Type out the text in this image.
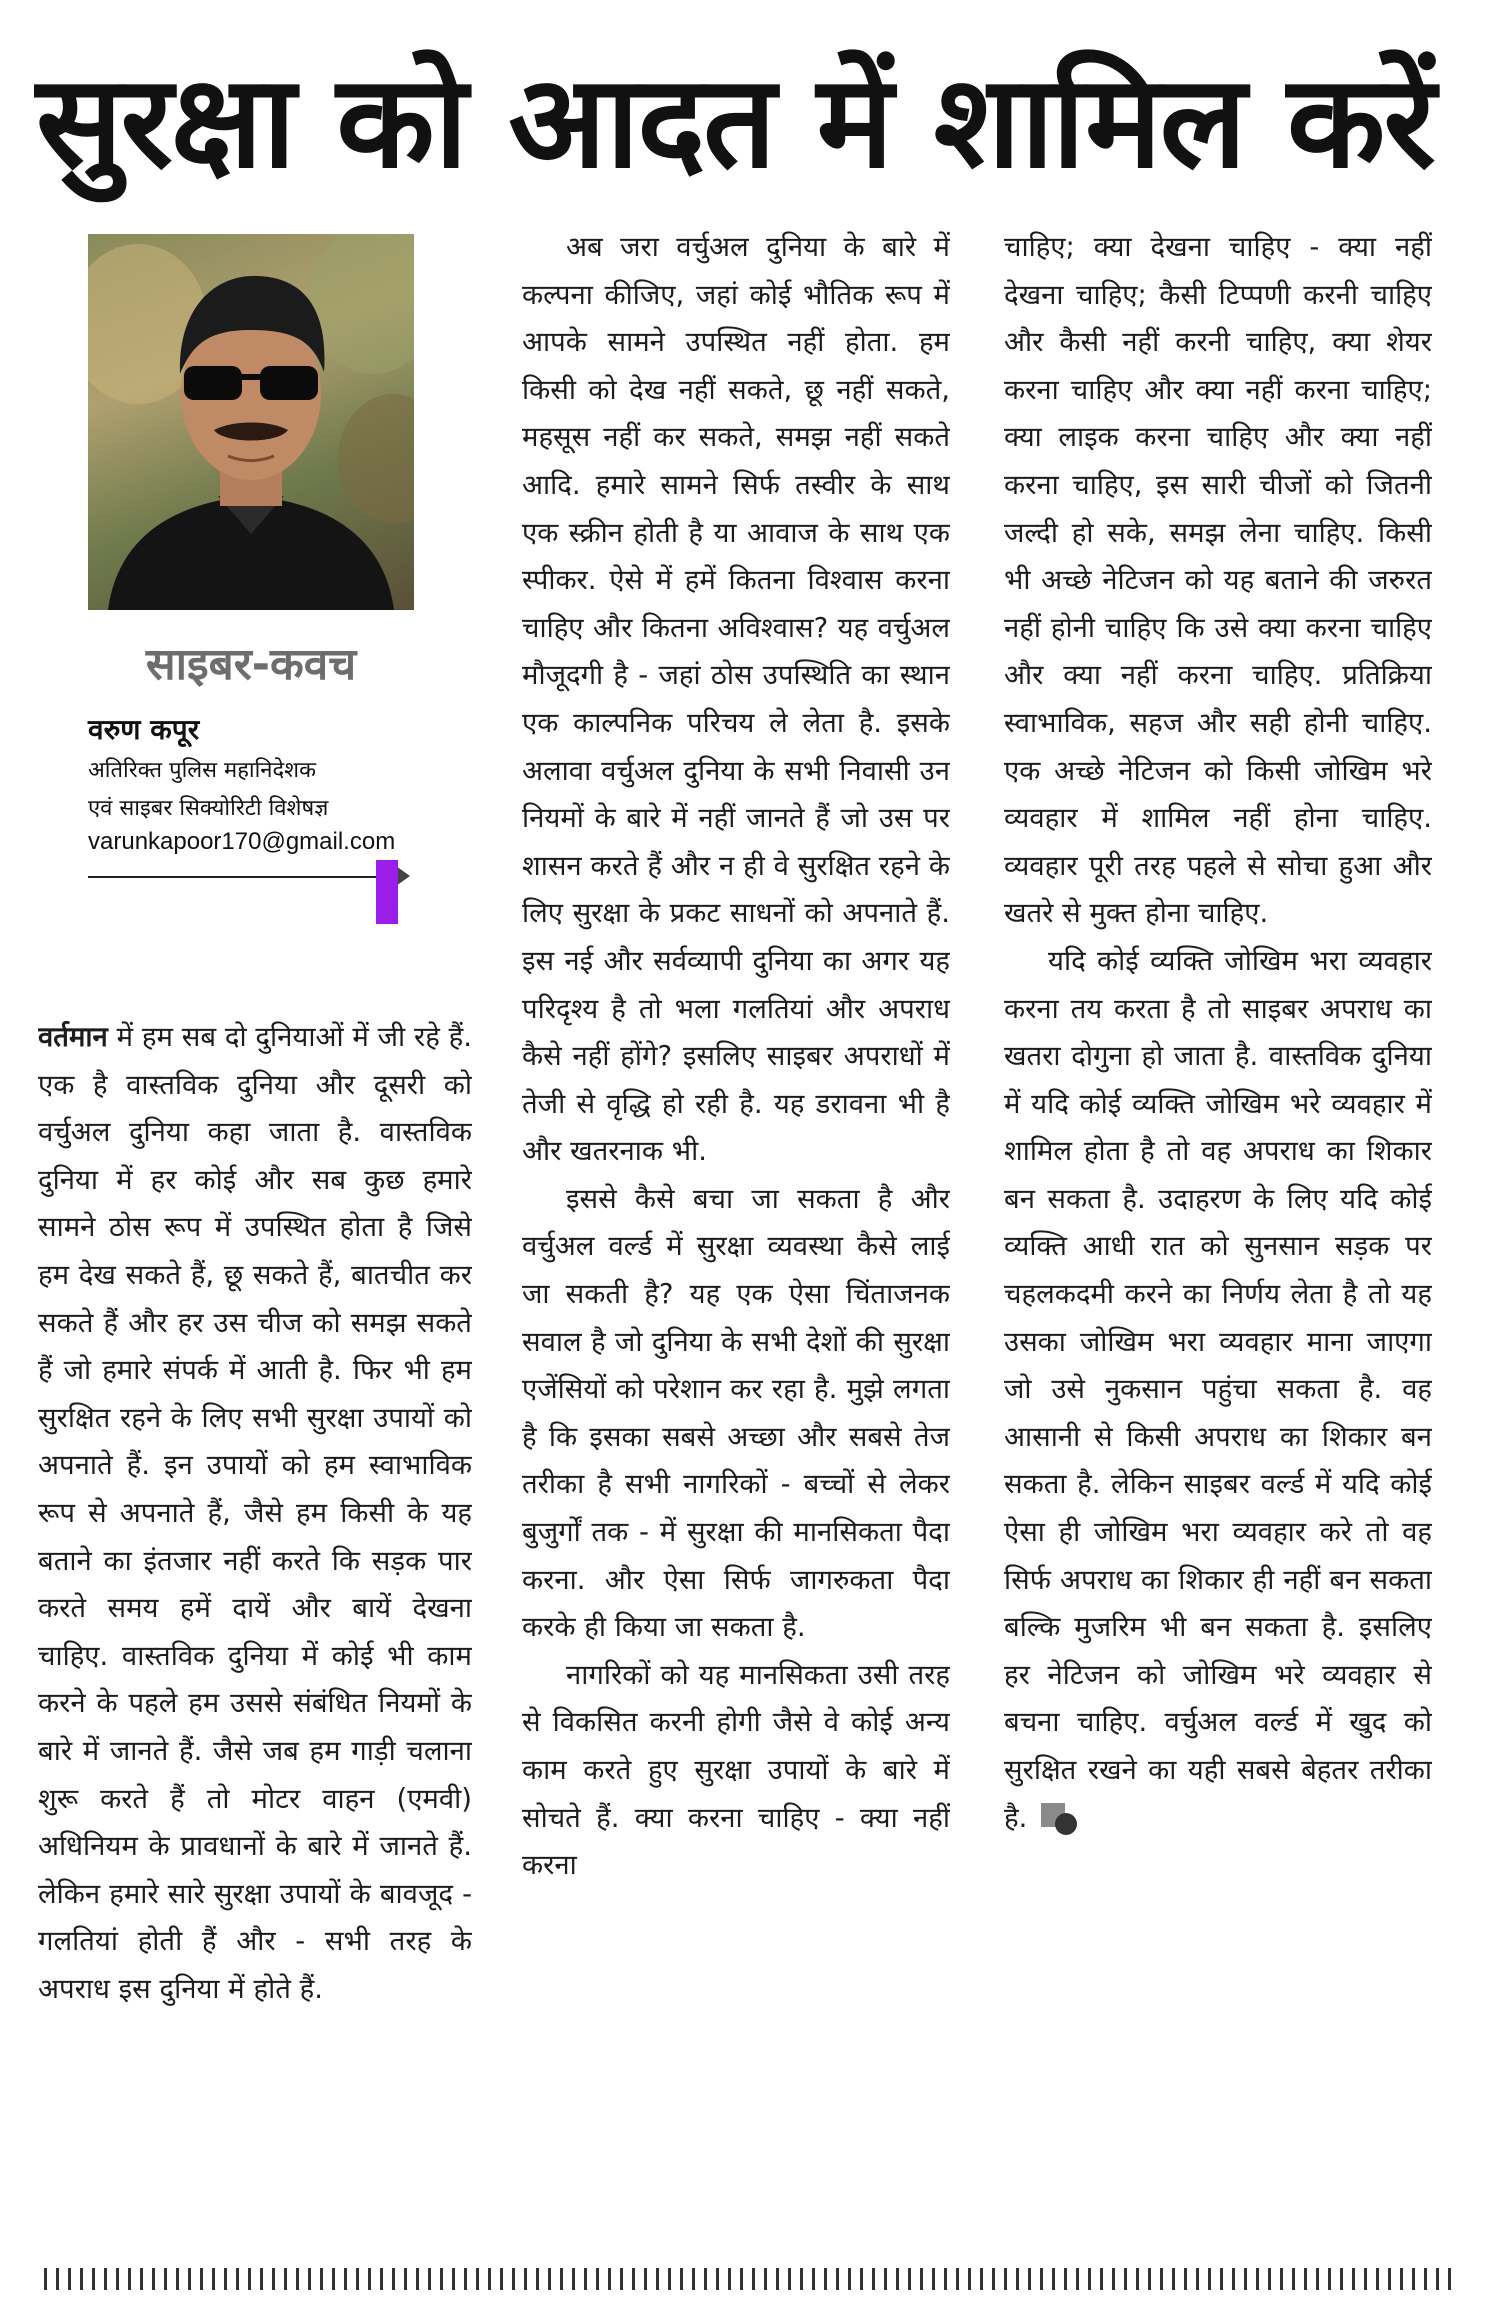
सुरक्षा को आदत में शामिल करें
साइबर-कवच
वरुण कपूर
अतिरिक्त पुलिस महानिदेशक
एवं साइबर सिक्योरिटी विशेषज्ञ
varunkapoor170@gmail.com

वर्तमान में हम सब दो दुनियाओं में जी रहे हैं. एक है वास्तविक दुनिया और दूसरी को वर्चुअल दुनिया कहा जाता है. वास्तविक दुनिया में हर कोई और सब कुछ हमारे सामने ठोस रूप में उपस्थित होता है जिसे हम देख सकते हैं, छू सकते हैं, बातचीत कर सकते हैं और हर उस चीज को समझ सकते हैं जो हमारे संपर्क में आती है. फिर भी हम सुरक्षित रहने के लिए सभी सुरक्षा उपायों को अपनाते हैं. इन उपायों को हम स्वाभाविक रूप से अपनाते हैं, जैसे हम किसी के यह बताने का इंतजार नहीं करते कि सड़क पार करते समय हमें दायें और बायें देखना चाहिए. वास्तविक दुनिया में कोई भी काम करने के पहले हम उससे संबंधित नियमों के बारे में जानते हैं. जैसे जब हम गाड़ी चलाना शुरू करते हैं तो मोटर वाहन (एमवी) अधिनियम के प्रावधानों के बारे में जानते हैं. लेकिन हमारे सारे सुरक्षा उपायों के बावजूद - गलतियां होती हैं और - सभी तरह के अपराध इस दुनिया में होते हैं.

अब जरा वर्चुअल दुनिया के बारे में कल्पना कीजिए, जहां कोई भौतिक रूप में आपके सामने उपस्थित नहीं होता. हम किसी को देख नहीं सकते, छू नहीं सकते, महसूस नहीं कर सकते, समझ नहीं सकते आदि. हमारे सामने सिर्फ तस्वीर के साथ एक स्क्रीन होती है या आवाज के साथ एक स्पीकर. ऐसे में हमें कितना विश्वास करना चाहिए और कितना अविश्वास? यह वर्चुअल मौजूदगी है - जहां ठोस उपस्थिति का स्थान एक काल्पनिक परिचय ले लेता है. इसके अलावा वर्चुअल दुनिया के सभी निवासी उन नियमों के बारे में नहीं जानते हैं जो उस पर शासन करते हैं और न ही वे सुरक्षित रहने के लिए सुरक्षा के प्रकट साधनों को अपनाते हैं. इस नई और सर्वव्यापी दुनिया का अगर यह परिदृश्य है तो भला गलतियां और अपराध कैसे नहीं होंगे? इसलिए साइबर अपराधों में तेजी से वृद्धि हो रही है. यह डरावना भी है और खतरनाक भी.

इससे कैसे बचा जा सकता है और वर्चुअल वर्ल्ड में सुरक्षा व्यवस्था कैसे लाई जा सकती है? यह एक ऐसा चिंताजनक सवाल है जो दुनिया के सभी देशों की सुरक्षा एजेंसियों को परेशान कर रहा है. मुझे लगता है कि इसका सबसे अच्छा और सबसे तेज तरीका है सभी नागरिकों - बच्चों से लेकर बुजुर्गों तक - में सुरक्षा की मानसिकता पैदा करना. और ऐसा सिर्फ जागरुकता पैदा करके ही किया जा सकता है.

नागरिकों को यह मानसिकता उसी तरह से विकसित करनी होगी जैसे वे कोई अन्य काम करते हुए सुरक्षा उपायों के बारे में सोचते हैं. क्या करना चाहिए - क्या नहीं करना

चाहिए; क्या देखना चाहिए - क्या नहीं देखना चाहिए; कैसी टिप्पणी करनी चाहिए और कैसी नहीं करनी चाहिए, क्या शेयर करना चाहिए और क्या नहीं करना चाहिए; क्या लाइक करना चाहिए और क्या नहीं करना चाहिए, इस सारी चीजों को जितनी जल्दी हो सके, समझ लेना चाहिए. किसी भी अच्छे नेटिजन को यह बताने की जरुरत नहीं होनी चाहिए कि उसे क्या करना चाहिए और क्या नहीं करना चाहिए. प्रतिक्रिया स्वाभाविक, सहज और सही होनी चाहिए. एक अच्छे नेटिजन को किसी जोखिम भरे व्यवहार में शामिल नहीं होना चाहिए. व्यवहार पूरी तरह पहले से सोचा हुआ और खतरे से मुक्त होना चाहिए.

यदि कोई व्यक्ति जोखिम भरा व्यवहार करना तय करता है तो साइबर अपराध का खतरा दोगुना हो जाता है. वास्तविक दुनिया में यदि कोई व्यक्ति जोखिम भरे व्यवहार में शामिल होता है तो वह अपराध का शिकार बन सकता है. उदाहरण के लिए यदि कोई व्यक्ति आधी रात को सुनसान सड़क पर चहलकदमी करने का निर्णय लेता है तो यह उसका जोखिम भरा व्यवहार माना जाएगा जो उसे नुकसान पहुंचा सकता है. वह आसानी से किसी अपराध का शिकार बन सकता है. लेकिन साइबर वर्ल्ड में यदि कोई ऐसा ही जोखिम भरा व्यवहार करे तो वह सिर्फ अपराध का शिकार ही नहीं बन सकता बल्कि मुजरिम भी बन सकता है. इसलिए हर नेटिजन को जोखिम भरे व्यवहार से बचना चाहिए. वर्चुअल वर्ल्ड में खुद को सुरक्षित रखने का यही सबसे बेहतर तरीका है.
